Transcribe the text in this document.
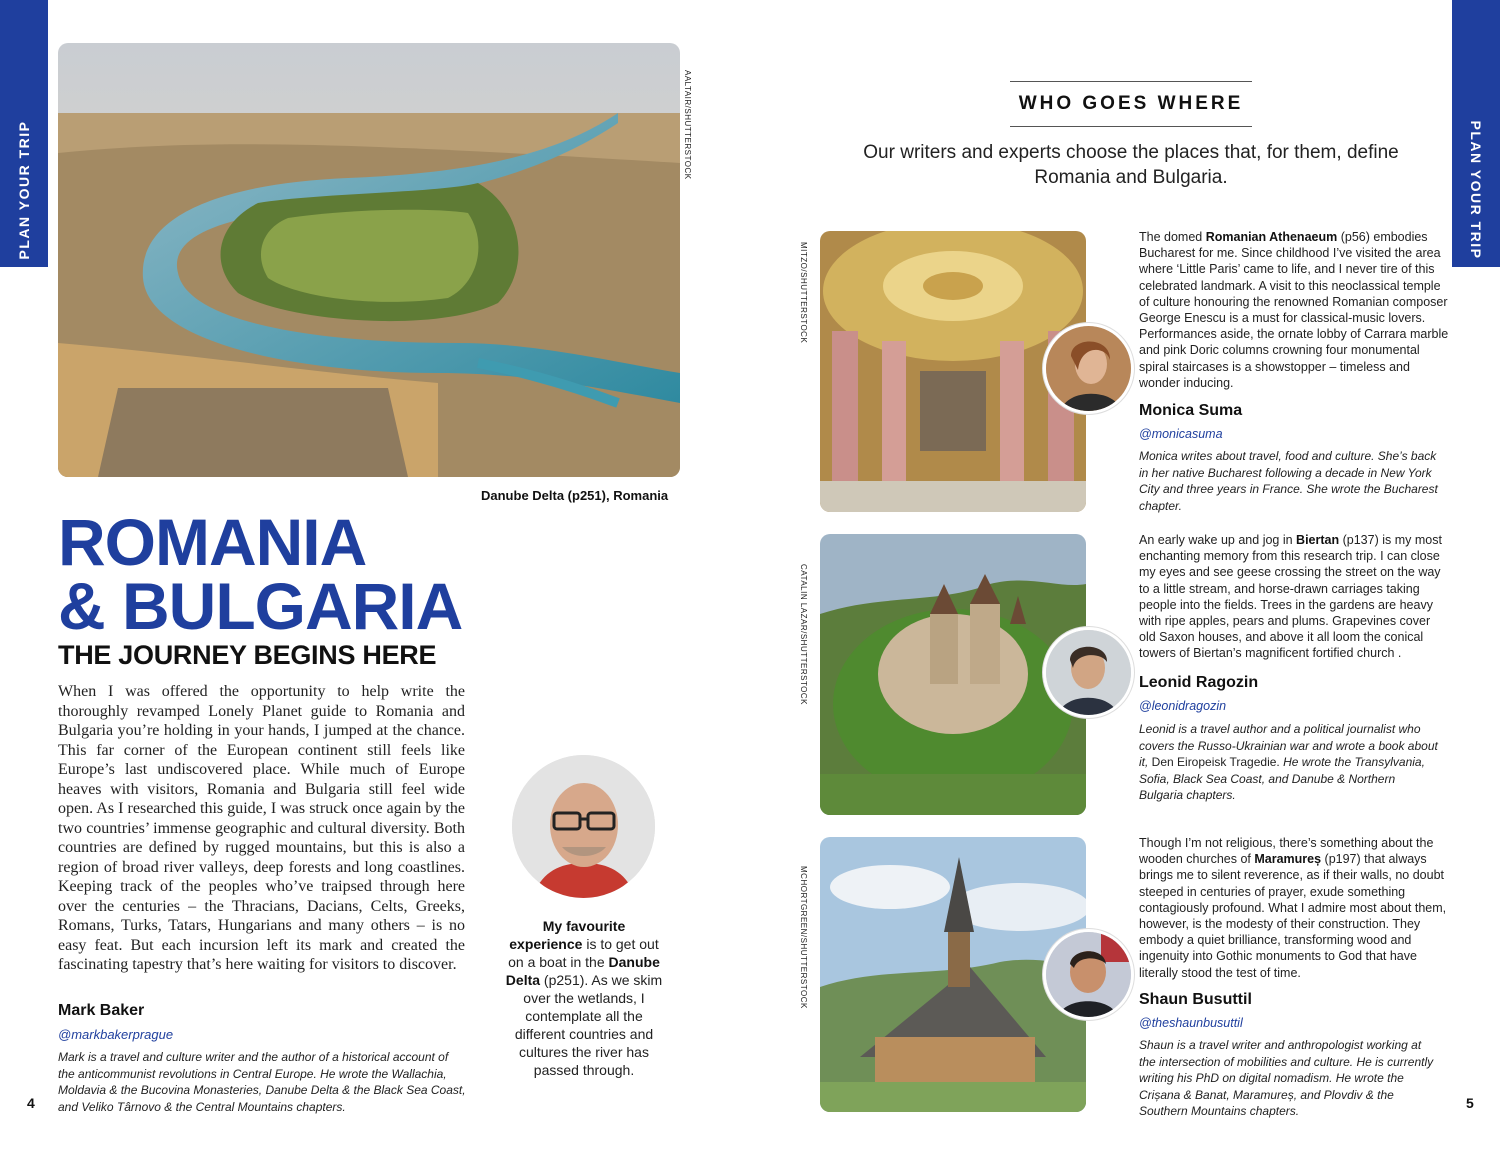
PLAN YOUR TRIP	PLAN YOUR TRIP
4	5
AALTAIR/SHUTTERSTOCK
Danube Delta (p251), Romania
ROMANIA
& BULGARIA
THE JOURNEY BEGINS HERE

When I was offered the opportunity to help write the thoroughly revamped Lonely Planet guide to Romania and Bulgaria you’re holding in your hands, I jumped at the chance. This far corner of the European continent still feels like Europe’s last undiscovered place. While much of Europe heaves with visitors, Romania and Bulgaria still feel wide open. As I researched this guide, I was struck once again by the two countries’ immense geographic and cultural diversity. Both countries are defined by rugged mountains, but this is also a region of broad river valleys, deep forests and long coastlines. Keeping track of the peoples who’ve traipsed through here over the centuries – the Thracians, Dacians, Celts, Greeks, Romans, Turks, Tatars, Hungarians and many others – is no easy feat. But each incursion left its mark and created the fascinating tapestry that’s here waiting for visitors to discover.

Mark Baker
@markbakerprague

Mark is a travel and culture writer and the author of a historical account of the anticommunist revolutions in Central Europe. He wrote the Wallachia, Moldavia & the Bucovina Monasteries, Danube Delta & the Black Sea Coast, and Veliko Târnovo & the Central Mountains chapters.

My favourite experience is to get out on a boat in the Danube Delta (p251). As we skim over the wetlands, I contemplate all the different countries and cultures the river has passed through.

WHO GOES WHERE

Our writers and experts choose the places that, for them, define Romania and Bulgaria.

MITZO/SHUTTERSTOCK

The domed Romanian Athenaeum (p56) embodies Bucharest for me. Since childhood I’ve visited the area where ‘Little Paris’ came to life, and I never tire of this celebrated landmark. A visit to this neoclassical temple of culture honouring the renowned Romanian composer George Enescu is a must for classical-music lovers. Performances aside, the ornate lobby of Carrara marble and pink Doric columns crowning four monumental spiral staircases is a showstopper – timeless and wonder inducing.

Monica Suma
@monicasuma

Monica writes about travel, food and culture. She’s back in her native Bucharest following a decade in New York City and three years in France. She wrote the Bucharest chapter.

CATALIN LAZAR/SHUTTERSTOCK

An early wake up and jog in Biertan (p137) is my most enchanting memory from this research trip. I can close my eyes and see geese crossing the street on the way to a little stream, and horse-drawn carriages taking people into the fields. Trees in the gardens are heavy with ripe apples, pears and plums. Grapevines cover old Saxon houses, and above it all loom the conical towers of Biertan’s magnificent fortified church .

Leonid Ragozin
@leonidragozin

Leonid is a travel author and a political journalist who covers the Russo-Ukrainian war and wrote a book about it, Den Eiropeisk Tragedie. He wrote the Transylvania, Sofia, Black Sea Coast, and Danube & Northern Bulgaria chapters.

MCHORTGREEN/SHUTTERSTOCK

Though I’m not religious, there’s something about the wooden churches of Maramureș (p197) that always brings me to silent reverence, as if their walls, no doubt steeped in centuries of prayer, exude something contagiously profound. What I admire most about them, however, is the modesty of their construction. They embody a quiet brilliance, transforming wood and ingenuity into Gothic monuments to God that have literally stood the test of time.

Shaun Busuttil
@theshaunbusuttil

Shaun is a travel writer and anthropologist working at the intersection of mobilities and culture. He is currently writing his PhD on digital nomadism. He wrote the Crișana & Banat, Maramureș, and Plovdiv & the Southern Mountains chapters.
